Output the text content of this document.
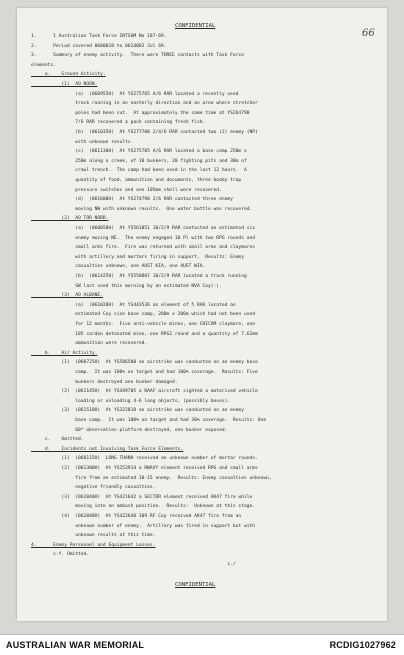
CONFIDENTIAL
66
1.      1 Australian Task Force INTSUM No 187-69.
2.      Period covered 0600018 to 0624002 Jul 69.
3.      Summary of enemy activity.  There were THREE contacts with Task Force
elements.
a.    Ground Activity.
(1)  AO NOON.
(a)  (060955H)  At YS275765 A/6 RAR located a recently used
track running in an easterly direction and an area where stretcher
poles had been cut.  At approximately the same time at YS264798
7/6 RAR recovered a pack containing fresh fish.
(b)  (061035H)  At YS277700 2/4/6 RAR contacted two (2) enemy (NP)
with unknown results.
(c)  (061130H)  At YS275705 A/6 RAR located a base camp 250m x
250m along a creek, of 10 bunkers, 20 fighting pits and 30m of
crawl trench.  The camp had been used in the last 12 hours.  A
quantity of food, ammunition and documents, three booby trap
pressure switches and one 105mm shell were recovered.
(d)  (061600H)  At YS274790 2/6 RAR contacted three enemy
moving NW with unknown results.  One water bottle was recovered.
(2)  AO TOR NORD.
(a)  (060050H)  At YS561851 10/2/9 RAR contacted an estimated six
enemy moving NE.  The enemy engaged 10 Pl with two RPG rounds and
small arms fire.  Fire was returned with small arms and claymores
with artillery and mortars firing in support.  Results: Enemy
casualties unknown, one AUST KIA, one AUST WIA.
(b)  (061425H)  At YS558807 10/2/9 RAR located a track running
SW last used this morning by an estimated NVA Coy(-).
(3)  AO ALBANE.
(a)  (061020H)  At YS443536 an element of 5 RAR located an
estimated Coy size base camp, 200m x 200m which had not been used
for 12 months.  Five anti-vehicle mines, one CHICOM claymore, one
105 cordon detonated mine, one RPG2 round and a quantity of 7.62mm
ammunition were recovered.
b.    Air Activity.
(1)  (060725H)  At YS586500 an airstrike was conducted on an enemy base
camp.  It was 100% on target and had 100% coverage.  Results: Five
bunkers destroyed one bunker damaged.
(2)  (061145H)  At YS449705 a RAAF aircraft sighted a motorised vehicle
loading or unloading 4-6 long objects, (possibly boxes).
(3)  (061510H)  At YS322810 an airstrike was conducted on an enemy
base camp.  It was 100% on target and had 30% coverage.  Results: One
60* observation platform destroyed, one bunker exposed.
c.    Omitted.
d.    Incidents not Involving Task Force Elements.
(1)  (060115H)  LONG THANH received an unknown number of mortar rounds.
(2)  (061300H)  At YS253914 a RNAVY element received RPG and small arms
fire from an estimated 10-15 enemy.  Results: Enemy casualties unknown,
negative friendly casualties.
(3)  (062040H)  At YS421642 a SECTOR element received AK47 fire while
moving into an ambush position.  Results:  Unknown at this stage.
(4)  (062040H)  At YS422640 109 RF Coy received AK47 fire from an
unknown number of enemy.  Artillery was fired in support but with
unknown results at this time.
4.      Enemy Personnel and Equipment Losses.
c-f. Omitted.
c./
CONFIDENTIAL
AUSTRALIAN WAR MEMORIAL	RCDIG1027962
